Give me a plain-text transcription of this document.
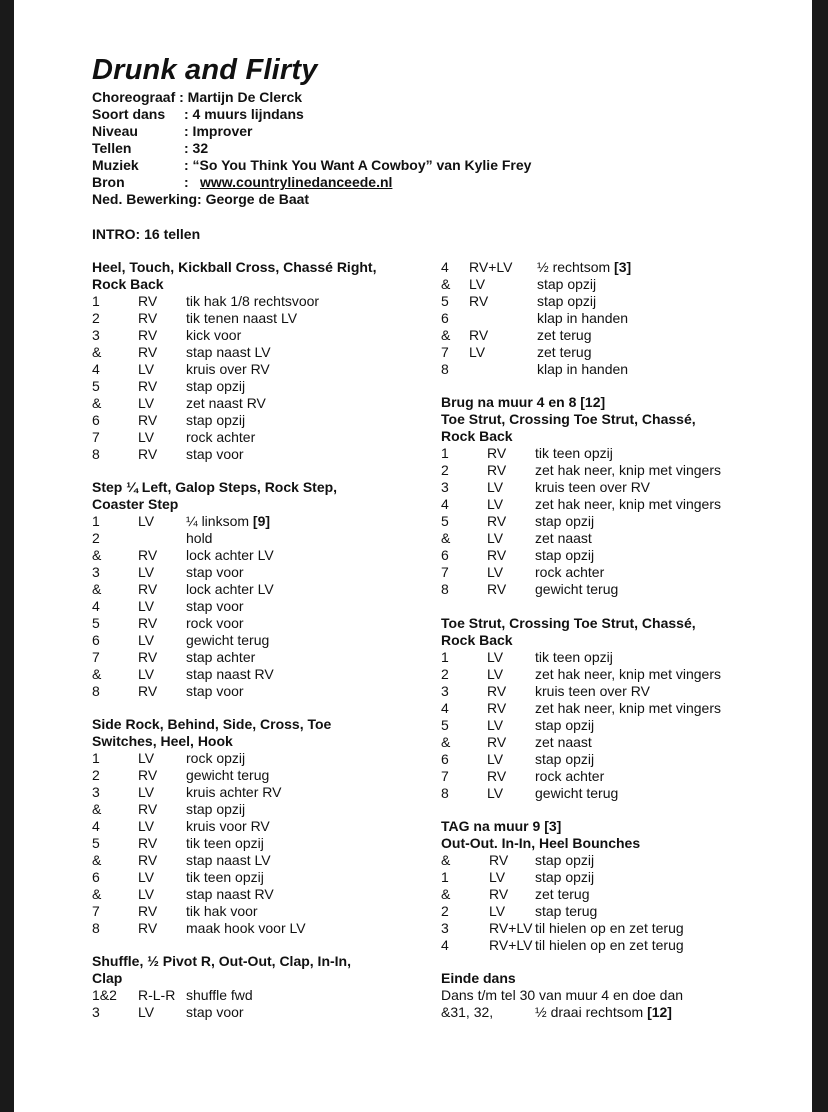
Drunk and Flirty
Choreograaf : Martijn De Clerck
Soort dans : 4 muurs lijndans
Niveau	: Improver
Tellen	: 32
Muziek	: “So You Think You Want A Cowboy” van Kylie Frey
Bron	: www.countrylinedanceede.nl
Ned. Bewerking: George de Baat
INTRO: 16 tellen
Heel, Touch, Kickball Cross, Chassé Right,
Rock Back
1	RV tik hak 1/8 rechtsvoor
2	RV tik tenen naast LV
3	RV kick voor
&	RV stap naast LV
4	LV kruis over RV
5	RV stap opzij
&	LV zet naast RV
6	RV stap opzij
7	LV rock achter
8	RV stap voor
Step ¼ Left, Galop Steps, Rock Step,
Coaster Step
1	LV ¼ linksom [9]
2	hold
&	RV lock achter LV
3	LV stap voor
&	RV lock achter LV
4	LV stap voor
5	RV rock voor
6	LV gewicht terug
7	RV stap achter
&	LV stap naast RV
8	RV stap voor
Side Rock, Behind, Side, Cross, Toe
Switches, Heel, Hook
1	LV rock opzij
2	RV gewicht terug
3	LV kruis achter RV
&	RV stap opzij
4	LV kruis voor RV
5	RV tik teen opzij
&	RV stap naast LV
6	LV tik teen opzij
&	LV stap naast RV
7	RV tik hak voor
8	RV maak hook voor LV
Shuffle, ½ Pivot R, Out-Out, Clap, In-In,
Clap
1&2 R-L-R shuffle fwd
3	LV stap voor
4 RV+LV ½ rechtsom [3]
& LV	stap opzij
5 RV	stap opzij
6	klap in handen
& RV	zet terug
7 LV	zet terug
8	klap in handen
Brug na muur 4 en 8 [12]
Toe Strut, Crossing Toe Strut, Chassé,
Rock Back
1	RV tik teen opzij
2	RV zet hak neer, knip met vingers
3	LV kruis teen over RV
4	LV zet hak neer, knip met vingers
5	RV stap opzij
&	LV zet naast
6	RV stap opzij
7	LV rock achter
8	RV gewicht terug
Toe Strut, Crossing Toe Strut, Chassé,
Rock Back
1	LV tik teen opzij
2	LV zet hak neer, knip met vingers
3	RV kruis teen over RV
4	RV zet hak neer, knip met vingers
5	LV stap opzij
&	RV zet naast
6	LV stap opzij
7	RV rock achter
8	LV gewicht terug
TAG na muur 9 [3]
Out-Out. In-In, Heel Bounches
&	RV stap opzij
1	LV stap opzij
&	RV zet terug
2	LV stap terug
3	RV+LV til hielen op en zet terug
4	RV+LV til hielen op en zet terug
Einde dans
Dans t/m tel 30 van muur 4 en doe dan
&31, 32,	½ draai rechtsom [12]
